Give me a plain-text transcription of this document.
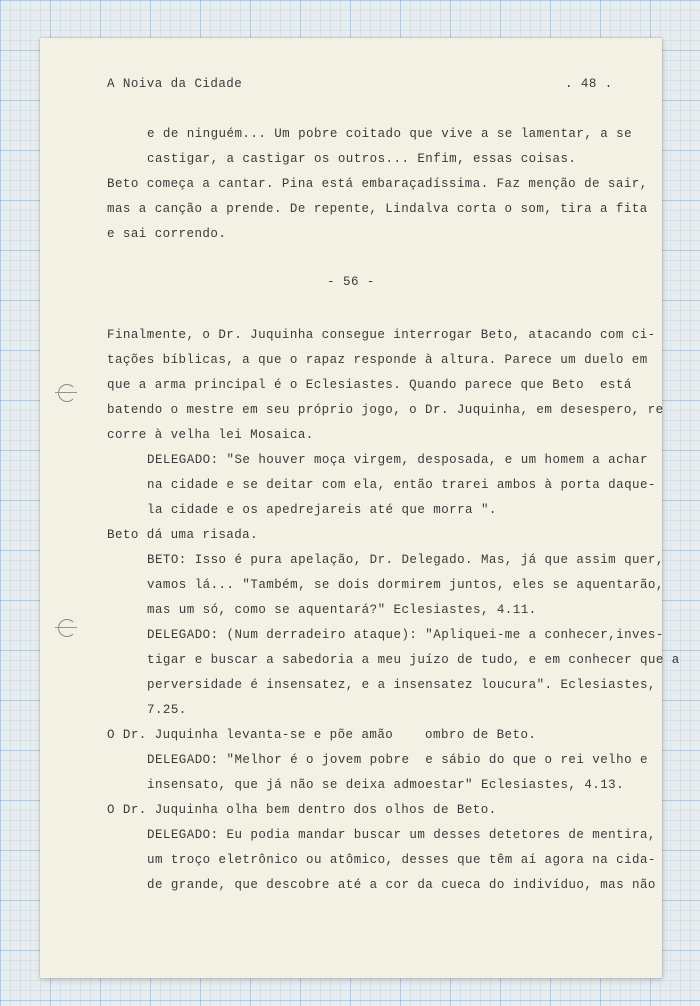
A Noiva da Cidade	. 48 .
e de ninguém... Um pobre coitado que vive a se lamentar, a se
castigar, a castigar os outros... Enfim, essas coisas.
Beto começa a cantar. Pina está embaraçadíssima. Faz menção de sair,
mas a canção a prende. De repente, Lindalva corta o som, tira a fita
e sai correndo.
- 56 -
Finalmente, o Dr. Juquinha consegue interrogar Beto, atacando com ci-
tações bíblicas, a que o rapaz responde à altura. Parece um duelo em
que a arma principal é o Eclesiastes. Quando parece que Beto  está
batendo o mestre em seu próprio jogo, o Dr. Juquinha, em desespero, re
corre à velha lei Mosaica.
DELEGADO: "Se houver moça virgem, desposada, e um homem a achar
na cidade e se deitar com ela, então trarei ambos à porta daque-
la cidade e os apedrejareis até que morra ".
Beto dá uma risada.
BETO: Isso é pura apelação, Dr. Delegado. Mas, já que assim quer,
vamos lá... "Também, se dois dormirem juntos, eles se aquentarão,
mas um só, como se aquentará?" Eclesiastes, 4.11.
DELEGADO: (Num derradeiro ataque): "Apliquei-me a conhecer,inves-
tigar e buscar a sabedoria a meu juízo de tudo, e em conhecer que a
perversidade é insensatez, e a insensatez loucura". Eclesiastes,
7.25.
O Dr. Juquinha levanta-se e põe amão    ombro de Beto.
DELEGADO: "Melhor é o jovem pobre  e sábio do que o rei velho e
insensato, que já não se deixa admoestar" Eclesiastes, 4.13.
O Dr. Juquinha olha bem dentro dos olhos de Beto.
DELEGADO: Eu podia mandar buscar um desses detetores de mentira,
um troço eletrônico ou atômico, desses que têm aí agora na cida-
de grande, que descobre até a cor da cueca do indivíduo, mas não
